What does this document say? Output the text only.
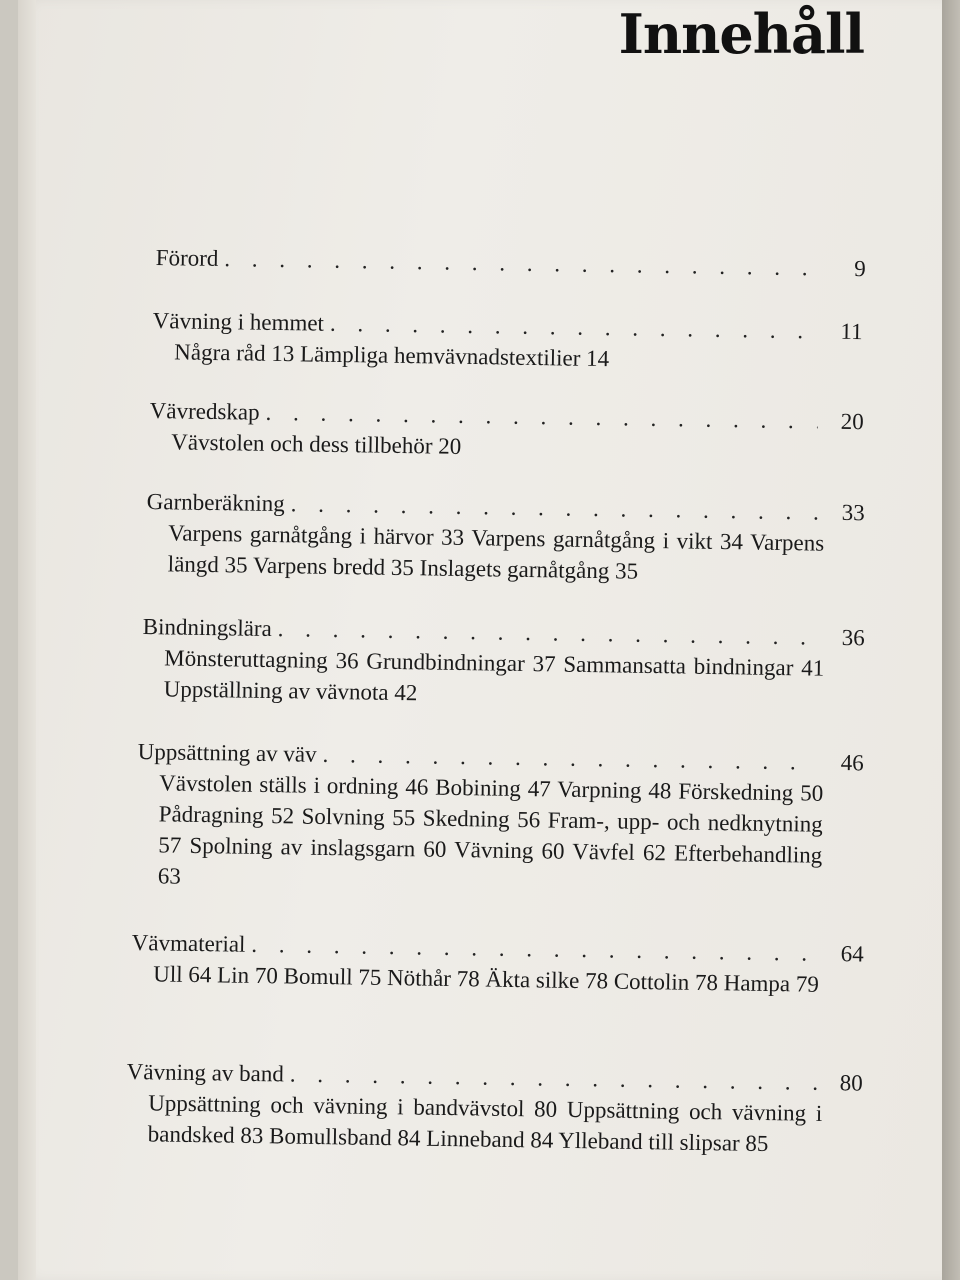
Innehåll
Förord . . .	9
Vävning i hemmet . . .	11

Några råd 13 Lämpliga hemvävnadstextilier 14

Vävredskap . . .	20

Vävstolen och dess tillbehör 20

Garnberäkning . . .	33

Varpens garnåtgång i härvor 33 Varpens garnåtgång i vikt 34 Varpens längd 35 Varpens bredd 35 Inslagets garnåtgång 35

Bindningslära . . .	36

Mönsteruttagning 36 Grundbindningar 37 Sammansatta bindningar 41 Uppställning av vävnota 42

Uppsättning av väv . . .	46

Vävstolen ställs i ordning 46 Bobining 47 Varpning 48 Förskedning 50 Pådragning 52 Solvning 55 Skedning 56 Fram-, upp- och nedknytning 57 Spolning av inslagsgarn 60 Vävning 60 Vävfel 62 Efterbehandling 63

Vävmaterial . . .	64

Ull 64 Lin 70 Bomull 75 Nöthår 78 Äkta silke 78 Cottolin 78 Hampa 79

Vävning av band . . .	80

Uppsättning och vävning i bandvävstol 80 Uppsättning och vävning i bandsked 83 Bomullsband 84 Linneband 84 Ylleband till slipsar 85
